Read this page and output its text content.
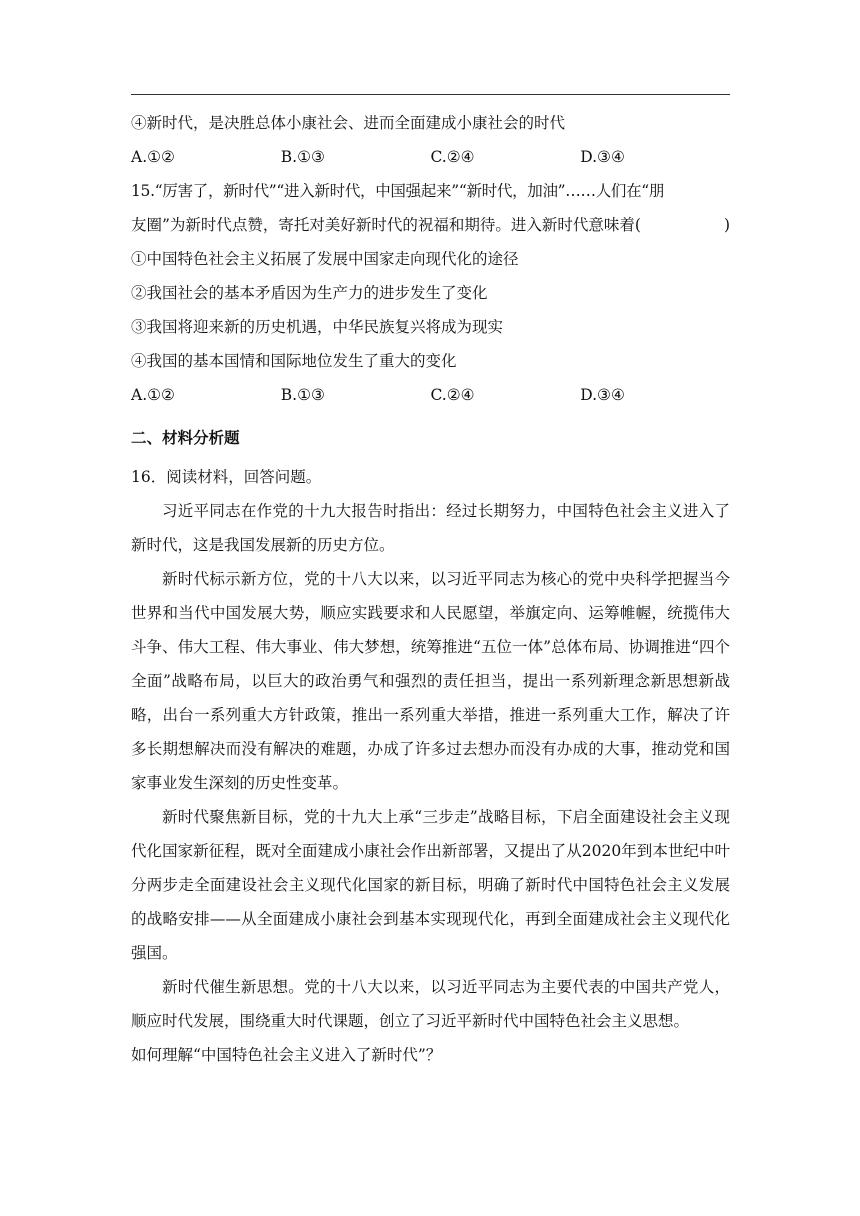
④新时代，是决胜总体小康社会、进而全面建成小康社会的时代
A.①②	B.①③	C.②④	D.③④
15.“厉害了，新时代”“进入新时代，中国强起来”“新时代，加油”……人们在“朋
友圈”为新时代点赞，寄托对美好新时代的祝福和期待。进入新时代意味着(	)
①中国特色社会主义拓展了发展中国家走向现代化的途径
②我国社会的基本矛盾因为生产力的进步发生了变化
③我国将迎来新的历史机遇，中华民族复兴将成为现实
④我国的基本国情和国际地位发生了重大的变化
A.①②	B.①③	C.②④	D.③④
二、材料分析题
16．阅读材料，回答问题。

习近平同志在作党的十九大报告时指出：经过长期努力，中国特色社会主义进入了新时代，这是我国发展新的历史方位。

新时代标示新方位，党的十八大以来，以习近平同志为核心的党中央科学把握当今世界和当代中国发展大势，顺应实践要求和人民愿望，举旗定向、运筹帷幄，统揽伟大斗争、伟大工程、伟大事业、伟大梦想，统筹推进“五位一体”总体布局、协调推进“四个全面”战略布局，以巨大的政治勇气和强烈的责任担当，提出一系列新理念新思想新战略，出台一系列重大方针政策，推出一系列重大举措，推进一系列重大工作，解决了许多长期想解决而没有解决的难题，办成了许多过去想办而没有办成的大事，推动党和国家事业发生深刻的历史性变革。

新时代聚焦新目标，党的十九大上承“三步走”战略目标，下启全面建设社会主义现代化国家新征程，既对全面建成小康社会作出新部署，又提出了从2020年到本世纪中叶分两步走全面建设社会主义现代化国家的新目标，明确了新时代中国特色社会主义发展的战略安排——从全面建成小康社会到基本实现现代化，再到全面建成社会主义现代化强国。

新时代催生新思想。党的十八大以来，以习近平同志为主要代表的中国共产党人，顺应时代发展，围绕重大时代课题，创立了习近平新时代中国特色社会主义思想。

如何理解“中国特色社会主义进入了新时代”？
